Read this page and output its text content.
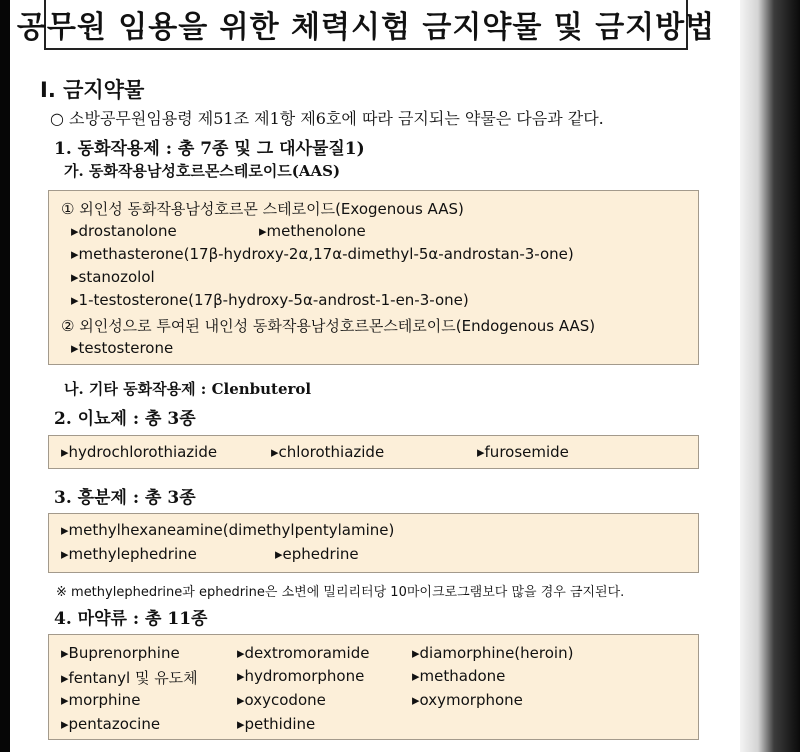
공무원 임용을 위한 체력시험 금지약물 및 금지방법
Ⅰ. 금지약물
○ 소방공무원임용령 제51조 제1항 제6호에 따라 금지되는 약물은 다음과 같다.
1. 동화작용제 : 총 7종 및 그 대사물질1)
가. 동화작용남성호르몬스테로이드(AAS)
① 외인성 동화작용남성호르몬 스테로이드(Exogenous AAS)
▸drostanolone	▸methenolone
▸methasterone(17β-hydroxy-2α,17α-dimethyl-5α-androstan-3-one)
▸stanozolol
▸1-testosterone(17β-hydroxy-5α-androst-1-en-3-one)
② 외인성으로 투여된 내인성 동화작용남성호르몬스테로이드(Endogenous AAS)
▸testosterone
나. 기타 동화작용제 : Clenbuterol
2. 이뇨제 : 총 3종
▸hydrochlorothiazide	▸chlorothiazide	▸furosemide
3. 흥분제 : 총 3종
▸methylhexaneamine(dimethylpentylamine)
▸methylephedrine	▸ephedrine
※ methylephedrine과 ephedrine은 소변에 밀리리터당 10마이크로그램보다 많을 경우 금지된다.
4. 마약류 : 총 11종
▸Buprenorphine	▸dextromoramide	▸diamorphine(heroin)
▸fentanyl 및 유도체	▸hydromorphone	▸methadone
▸morphine	▸oxycodone	▸oxymorphone
▸pentazocine	▸pethidine
